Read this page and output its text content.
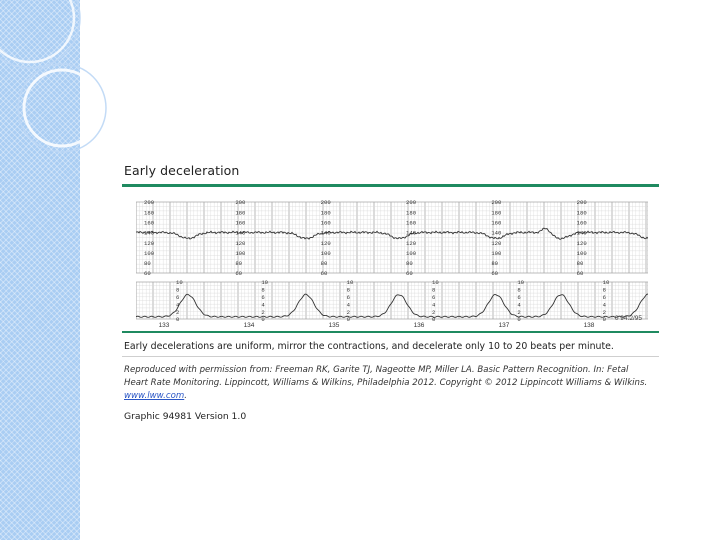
Early deceleration
200
180
160
140
120
100
80
60
200
180
160
140
120
100
80
60
200
180
160
140
120
100
80
60
200
180
160
140
120
100
80
60
200
180
160
140
120
100
80
60
200
180
160
140
120
100
80
60
10
8
6
4
2
0
10
8
6
4
2
0
10
8
6
4
2
0
10
8
6
4
2
0
10
8
6
4
2
0
10
8
6
4
2
0
133	134	135	136	137	138
0 94.2/95
Early decelerations are uniform, mirror the contractions, and decelerate only 10 to 20 beats per minute.
Reproduced with permission from: Freeman RK, Garite TJ, Nageotte MP, Miller LA. Basic Pattern Recognition. In: Fetal
Heart Rate Monitoring. Lippincott, Williams & Wilkins, Philadelphia 2012. Copyright © 2012 Lippincott Williams & Wilkins.
www.lww.com.
Graphic 94981 Version 1.0
